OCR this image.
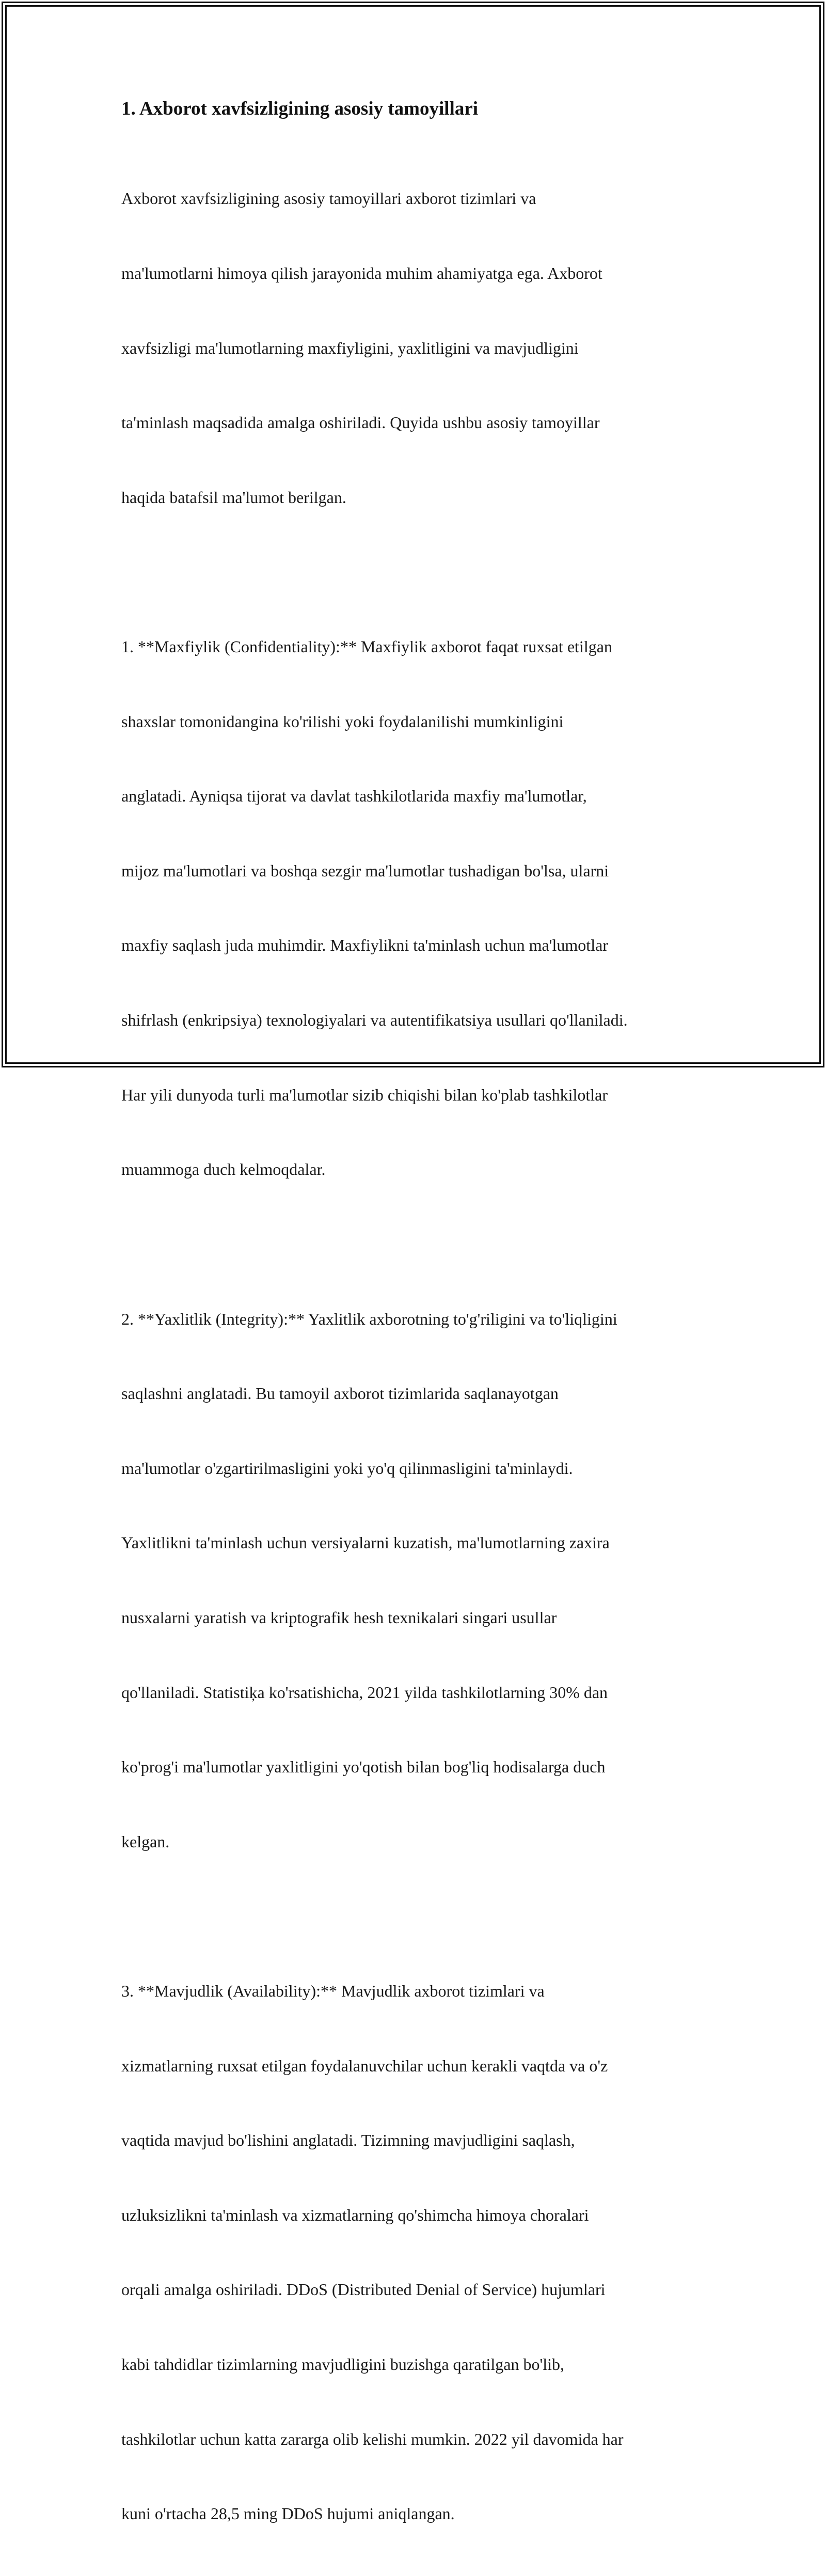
1. Axborot xavfsizligining asosiy tamoyillari

Axborot xavfsizligining asosiy tamoyillari axborot tizimlari va

ma'lumotlarni himoya qilish jarayonida muhim ahamiyatga ega. Axborot

xavfsizligi ma'lumotlarning maxfiyligini, yaxlitligini va mavjudligini

ta'minlash maqsadida amalga oshiriladi. Quyida ushbu asosiy tamoyillar

haqida batafsil ma'lumot berilgan.

1. **Maxfiylik (Confidentiality):** Maxfiylik axborot faqat ruxsat etilgan

shaxslar tomonidangina ko'rilishi yoki foydalanilishi mumkinligini

anglatadi. Ayniqsa tijorat va davlat tashkilotlarida maxfiy ma'lumotlar,

mijoz ma'lumotlari va boshqa sezgir ma'lumotlar tushadigan bo'lsa, ularni

maxfiy saqlash juda muhimdir. Maxfiylikni ta'minlash uchun ma'lumotlar

shifrlash (enkripsiya) texnologiyalari va autentifikatsiya usullari qo'llaniladi.

Har yili dunyoda turli ma'lumotlar sizib chiqishi bilan ko'plab tashkilotlar

muammoga duch kelmoqdalar.

2. **Yaxlitlik (Integrity):** Yaxlitlik axborotning to'g'riligini va to'liqligini

saqlashni anglatadi. Bu tamoyil axborot tizimlarida saqlanayotgan

ma'lumotlar o'zgartirilmasligini yoki yo'q qilinmasligini ta'minlaydi.

Yaxlitlikni ta'minlash uchun versiyalarni kuzatish, ma'lumotlarning zaxira

nusxalarni yaratish va kriptografik hesh texnikalari singari usullar

qo'llaniladi. Statistiķa ko'rsatishicha, 2021 yilda tashkilotlarning 30% dan

ko'prog'i ma'lumotlar yaxlitligini yo'qotish bilan bog'liq hodisalarga duch

kelgan.

3. **Mavjudlik (Availability):** Mavjudlik axborot tizimlari va

xizmatlarning ruxsat etilgan foydalanuvchilar uchun kerakli vaqtda va o'z

vaqtida mavjud bo'lishini anglatadi. Tizimning mavjudligini saqlash,

uzluksizlikni ta'minlash va xizmatlarning qo'shimcha himoya choralari

orqali amalga oshiriladi. DDoS (Distributed Denial of Service) hujumlari

kabi tahdidlar tizimlarning mavjudligini buzishga qaratilgan bo'lib,

tashkilotlar uchun katta zararga olib kelishi mumkin. 2022 yil davomida har

kuni o'rtacha 28,5 ming DDoS hujumi aniqlangan.
